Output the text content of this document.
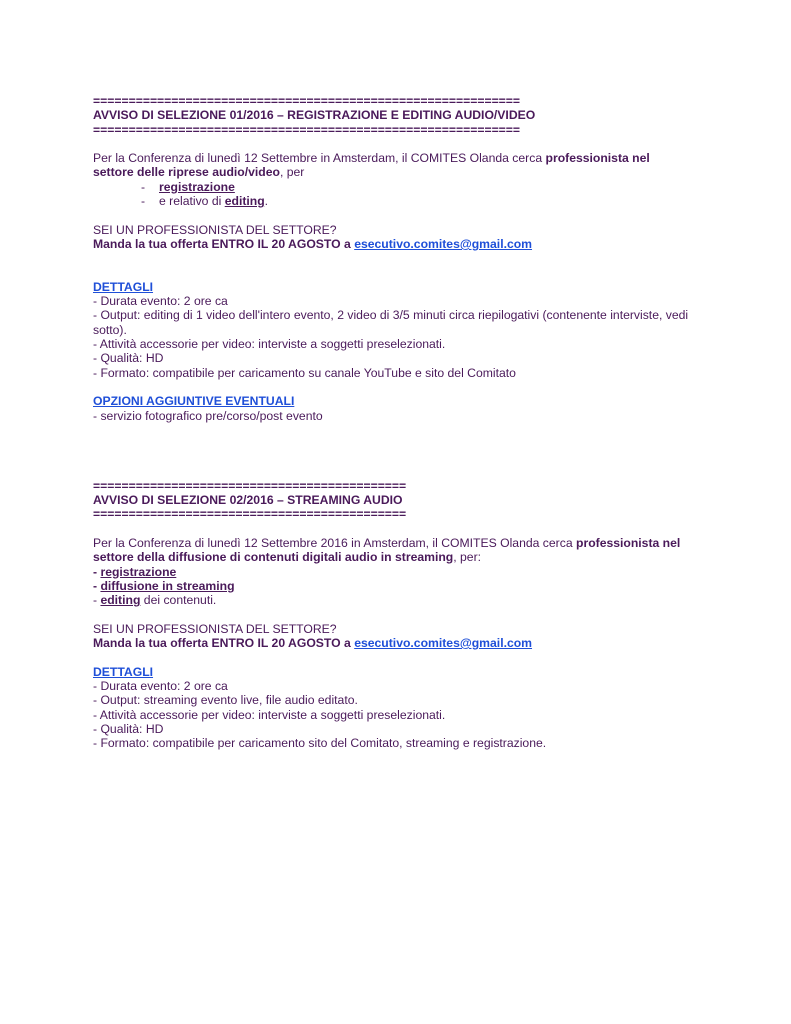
============================================================
AVVISO DI SELEZIONE 01/2016 – REGISTRAZIONE E EDITING AUDIO/VIDEO
============================================================
Per la Conferenza di lunedì 12 Settembre in Amsterdam, il COMITES Olanda cerca professionista nel
settore delle riprese audio/video, per
- registrazione
- e relativo di editing.
SEI UN PROFESSIONISTA DEL SETTORE?
Manda la tua offerta ENTRO IL 20 AGOSTO a esecutivo.comites@gmail.com
DETTAGLI
- Durata evento: 2 ore ca
- Output: editing di 1 video dell'intero evento, 2 video di 3/5 minuti circa riepilogativi (contenente interviste, vedi sotto).
- Attività accessorie per video: interviste a soggetti preselezionati.
- Qualità: HD
- Formato: compatibile per caricamento su canale YouTube e sito del Comitato
OPZIONI AGGIUNTIVE EVENTUALI
- servizio fotografico pre/corso/post evento
============================================
AVVISO DI SELEZIONE 02/2016 – STREAMING AUDIO
============================================
Per la Conferenza di lunedì 12 Settembre 2016 in Amsterdam, il COMITES Olanda cerca professionista nel
settore della diffusione di contenuti digitali audio in streaming, per:
- registrazione
- diffusione in streaming
- editing dei contenuti.
SEI UN PROFESSIONISTA DEL SETTORE?
Manda la tua offerta ENTRO IL 20 AGOSTO a esecutivo.comites@gmail.com
DETTAGLI
- Durata evento: 2 ore ca
- Output: streaming evento live, file audio editato.
- Attività accessorie per video: interviste a soggetti preselezionati.
- Qualità: HD
- Formato: compatibile per caricamento sito del Comitato, streaming e registrazione.
